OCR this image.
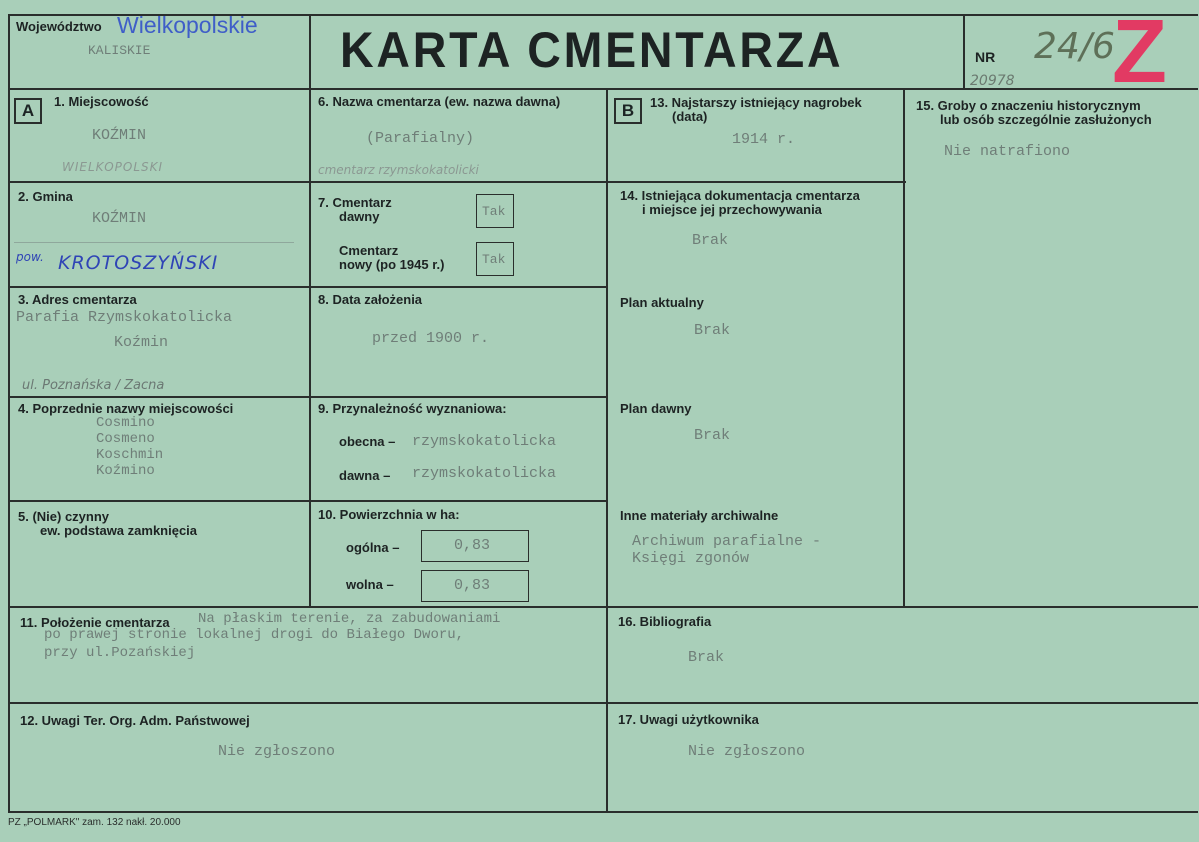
Województwo Wielkopolskie
KALISKIE	KARTA CMENTARZA	NR 24/6
20978 Z
A	B
1. Miejscowość
KOŹMIN
WIELKOPOLSKI
2. Gmina
KOŹMIN
pow. KROTOSZYŃSKI
3. Adres cmentarza
Parafia Rzymskokatolicka
Koźmin
ul. Poznańska / Zacna
4. Poprzednie nazwy miejscowości
Cosmino
Cosmeno
Koschmin
Koźmino
5. (Nie) czynny
ew. podstawa zamknięcia
6. Nazwa cmentarza (ew. nazwa dawna)
(Parafialny)
cmentarz rzymskokatolicki
7. Cmentarz
dawny	Tak
Cmentarz
nowy (po 1945 r.)	Tak
8. Data założenia
przed 1900 r.
9. Przynależność wyznaniowa:
obecna – rzymskokatolicka
dawna – rzymskokatolicka
10. Powierzchnia w ha:
ogólna –	0,83
wolna –	0,83
11. Położenie cmentarza Na płaskim terenie, za zabudowaniami
po prawej stronie lokalnej drogi do Białego Dworu,
przy ul.Pozańskiej
12. Uwagi Ter. Org. Adm. Państwowej
Nie zgłoszono
13. Najstarszy istniejący nagrobek
(data)
1914 r.
14. Istniejąca dokumentacja cmentarza
i miejsce jej przechowywania
Brak
Plan aktualny
Brak
Plan dawny
Brak
Inne materiały archiwalne
Archiwum parafialne -
Księgi zgonów
15. Groby o znaczeniu historycznym
lub osób szczególnie zasłużonych
Nie natrafiono
16. Bibliografia
Brak
17. Uwagi użytkownika
Nie zgłoszono
PZ „POLMARK" zam. 132 nakł. 20.000
